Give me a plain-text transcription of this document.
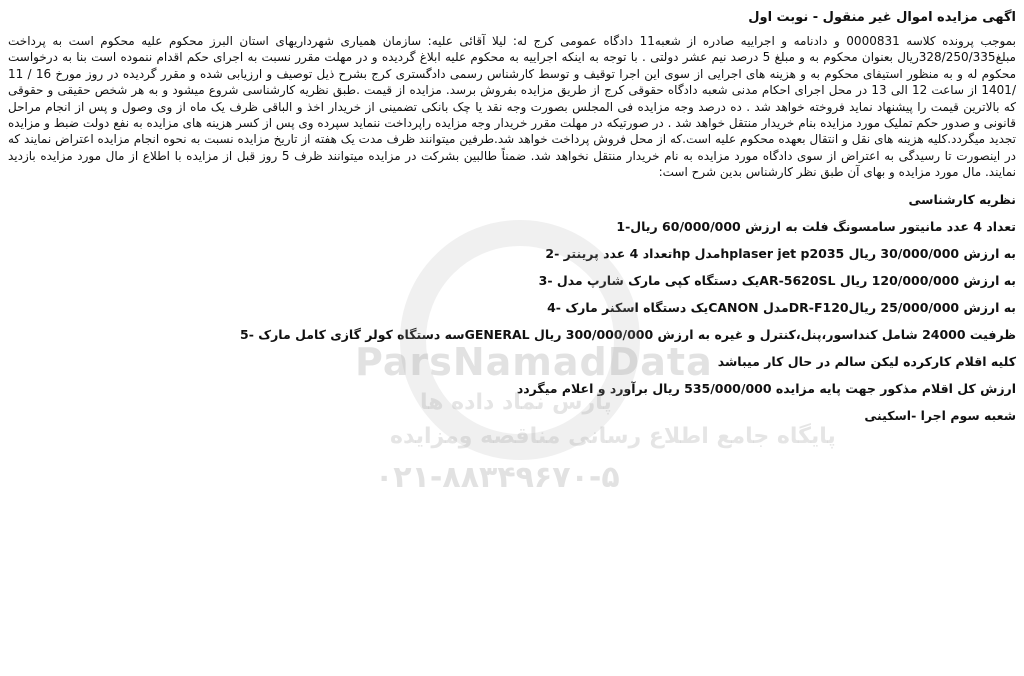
اگهی مزایده اموال غیر منقول - نوبت اول

بموجب پرونده کلاسه 0000831 و دادنامه و اجراییه صادره از شعبه11 دادگاه عمومی کرج له: لیلا آقائی علیه: سازمان همیاری شهرداریهای استان البرز محکوم علیه محکوم است به پرداخت مبلغ328/250/335ریال بعنوان محکوم به و مبلغ 5 درصد نیم عشر دولتی . با توجه به اینکه اجراییه به محکوم علیه ابلاغ گردیده و در مهلت مقرر نسبت به اجرای حکم اقدام ننموده است بنا به درخواست محکوم له و به منظور استیفای محکوم به و هزینه های اجرایی از سوی این اجرا توقیف و توسط کارشناس رسمی دادگستری کرج بشرح ذیل توصیف و ارزیابی شده و مقرر گردیده در روز مورخ 16 / 11 /1401 از ساعت 12 الی 13 در محل اجرای احکام مدنی شعبه دادگاه حقوقی کرج از طریق مزایده بفروش برسد. مزایده از قیمت .طبق نظریه کارشناسی شروع میشود و به هر شخص حقیقی و حقوقی که بالاترین قیمت را پیشنهاد نماید فروخته خواهد شد . ده درصد وجه مزایده فی المجلس بصورت وجه نقد یا چک بانکی تضمینی از خریدار اخذ و الباقی ظرف یک ماه از وی وصول و پس از انجام مراحل قانونی و صدور حکم تملیک مورد مزایده بنام خریدار منتقل خواهد شد . در صورتیکه در مهلت مقرر خریدار وجه مزایده راپرداخت ننماید سپرده وی پس از کسر هزینه های مزایده به نفع دولت ضبط و مزایده تجدید میگردد.کلیه هزینه های نقل و انتقال بعهده محکوم علیه است.که از محل فروش پرداخت خواهد شد.طرفین میتوانند ظرف مدت یک هفته از تاریخ مزایده نسبت به نحوه انجام مزایده اعتراض نمایند که در اینصورت تا رسیدگی به اعتراض از سوی دادگاه مورد مزایده به نام خریدار منتقل نخواهد شد. ضمناً طالبین بشرکت در مزایده میتوانند ظرف 5 روز قبل از مزایده با اطلاع از مال مورد مزایده بازدید نمایند. مال مورد مزایده و بهای آن طبق نظر کارشناس بدین شرح است:

نظریه کارشناسی
تعداد 4 عدد مانیتور سامسونگ فلت به ارزش 60/000/000 ریال-1
به ارزش 30/000/000 ریال hplaser jet p2035مدل hpتعداد 4 عدد پرینتر -2
به ارزش 120/000/000 ریال AR-5620SLیک دستگاه کپی مارک شارپ مدل -3
به ارزش 25/000/000 ریالDR-F120مدل CANONیک دستگاه اسکنر مارک -4
ظرفیت 24000 شامل کنداسور،پنل،کنترل و غیره به ارزش 300/000/000 ریال GENERALسه دستگاه کولر گازی کامل مارک -5
کلیه اقلام کارکرده لیکن سالم در حال کار میباشد
ارزش کل اقلام مذکور جهت پایه مزایده 535/000/000 ریال برآورد و اعلام میگردد
شعبه سوم اجرا -اسکینی
ParsNamadData
پارس نماد داده ها
پایگاه جامع اطلاع رسانی مناقصه ومزایده
۰۲۱-۸۸۳۴۹۶۷۰-۵
